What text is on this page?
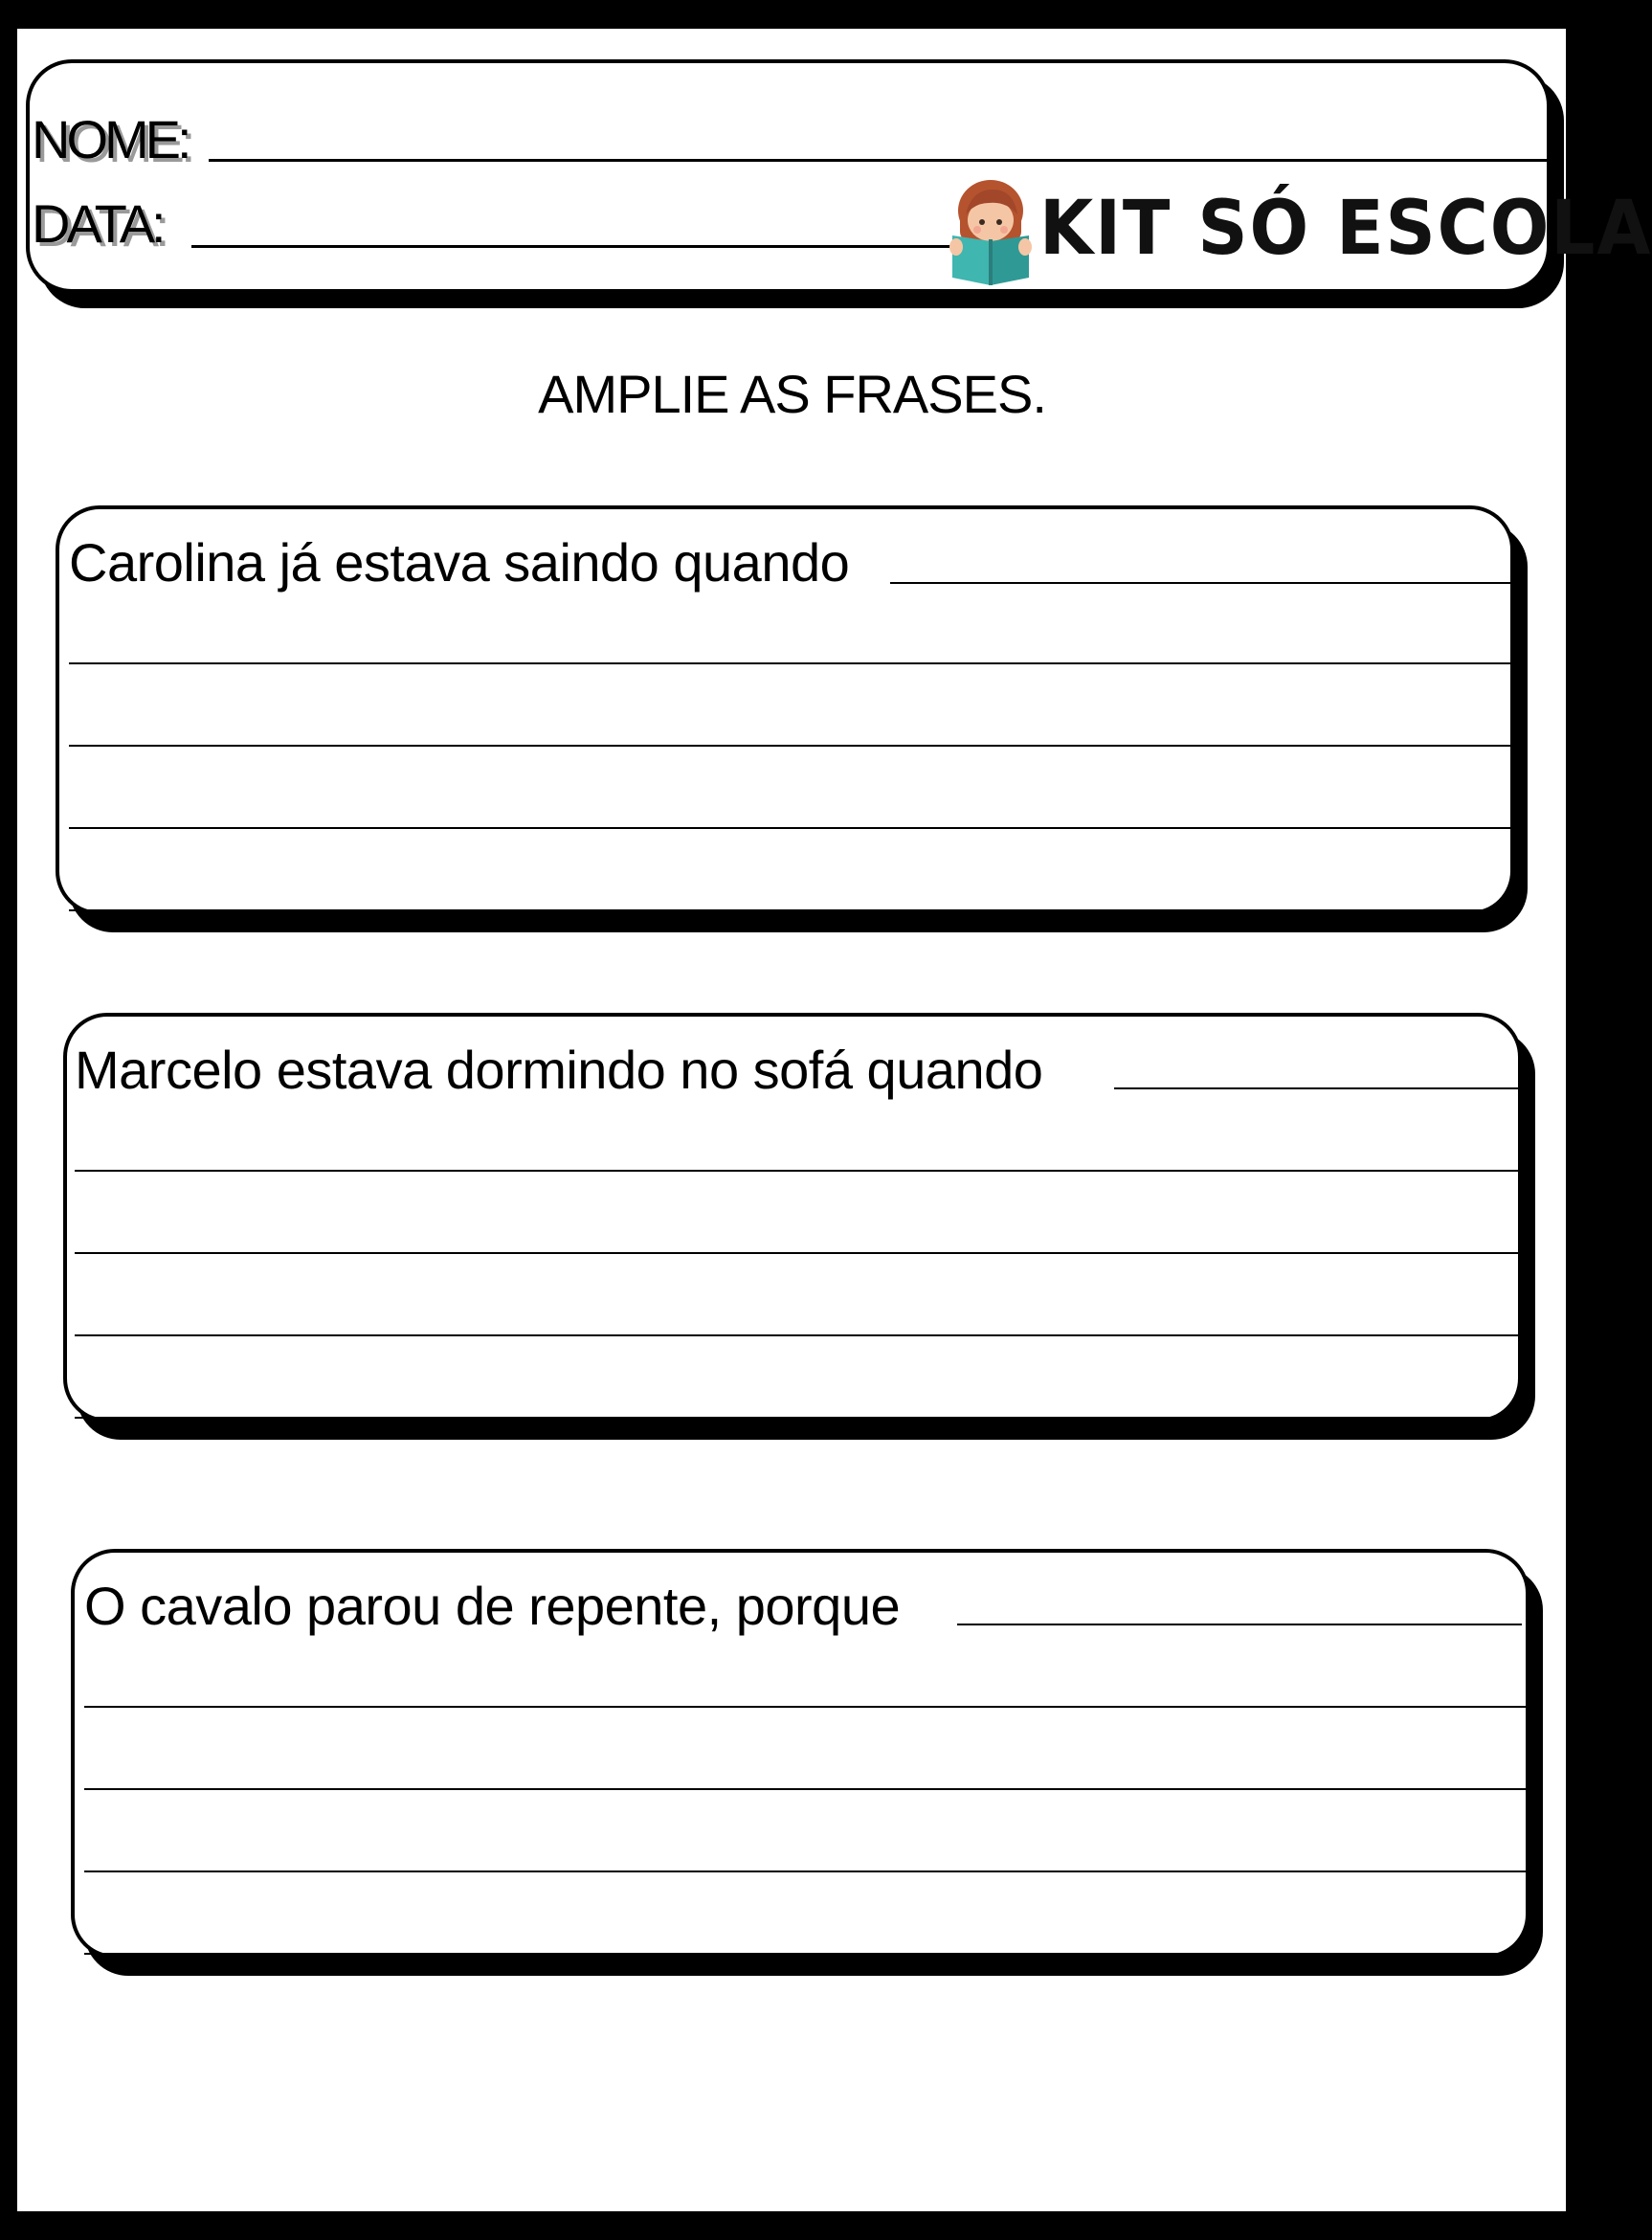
NOME:
DATA:	KIT SÓ ESCOLA
AMPLIE AS FRASES.
Carolina já estava saindo quando
Marcelo estava dormindo no sofá quando
O cavalo parou de repente, porque
